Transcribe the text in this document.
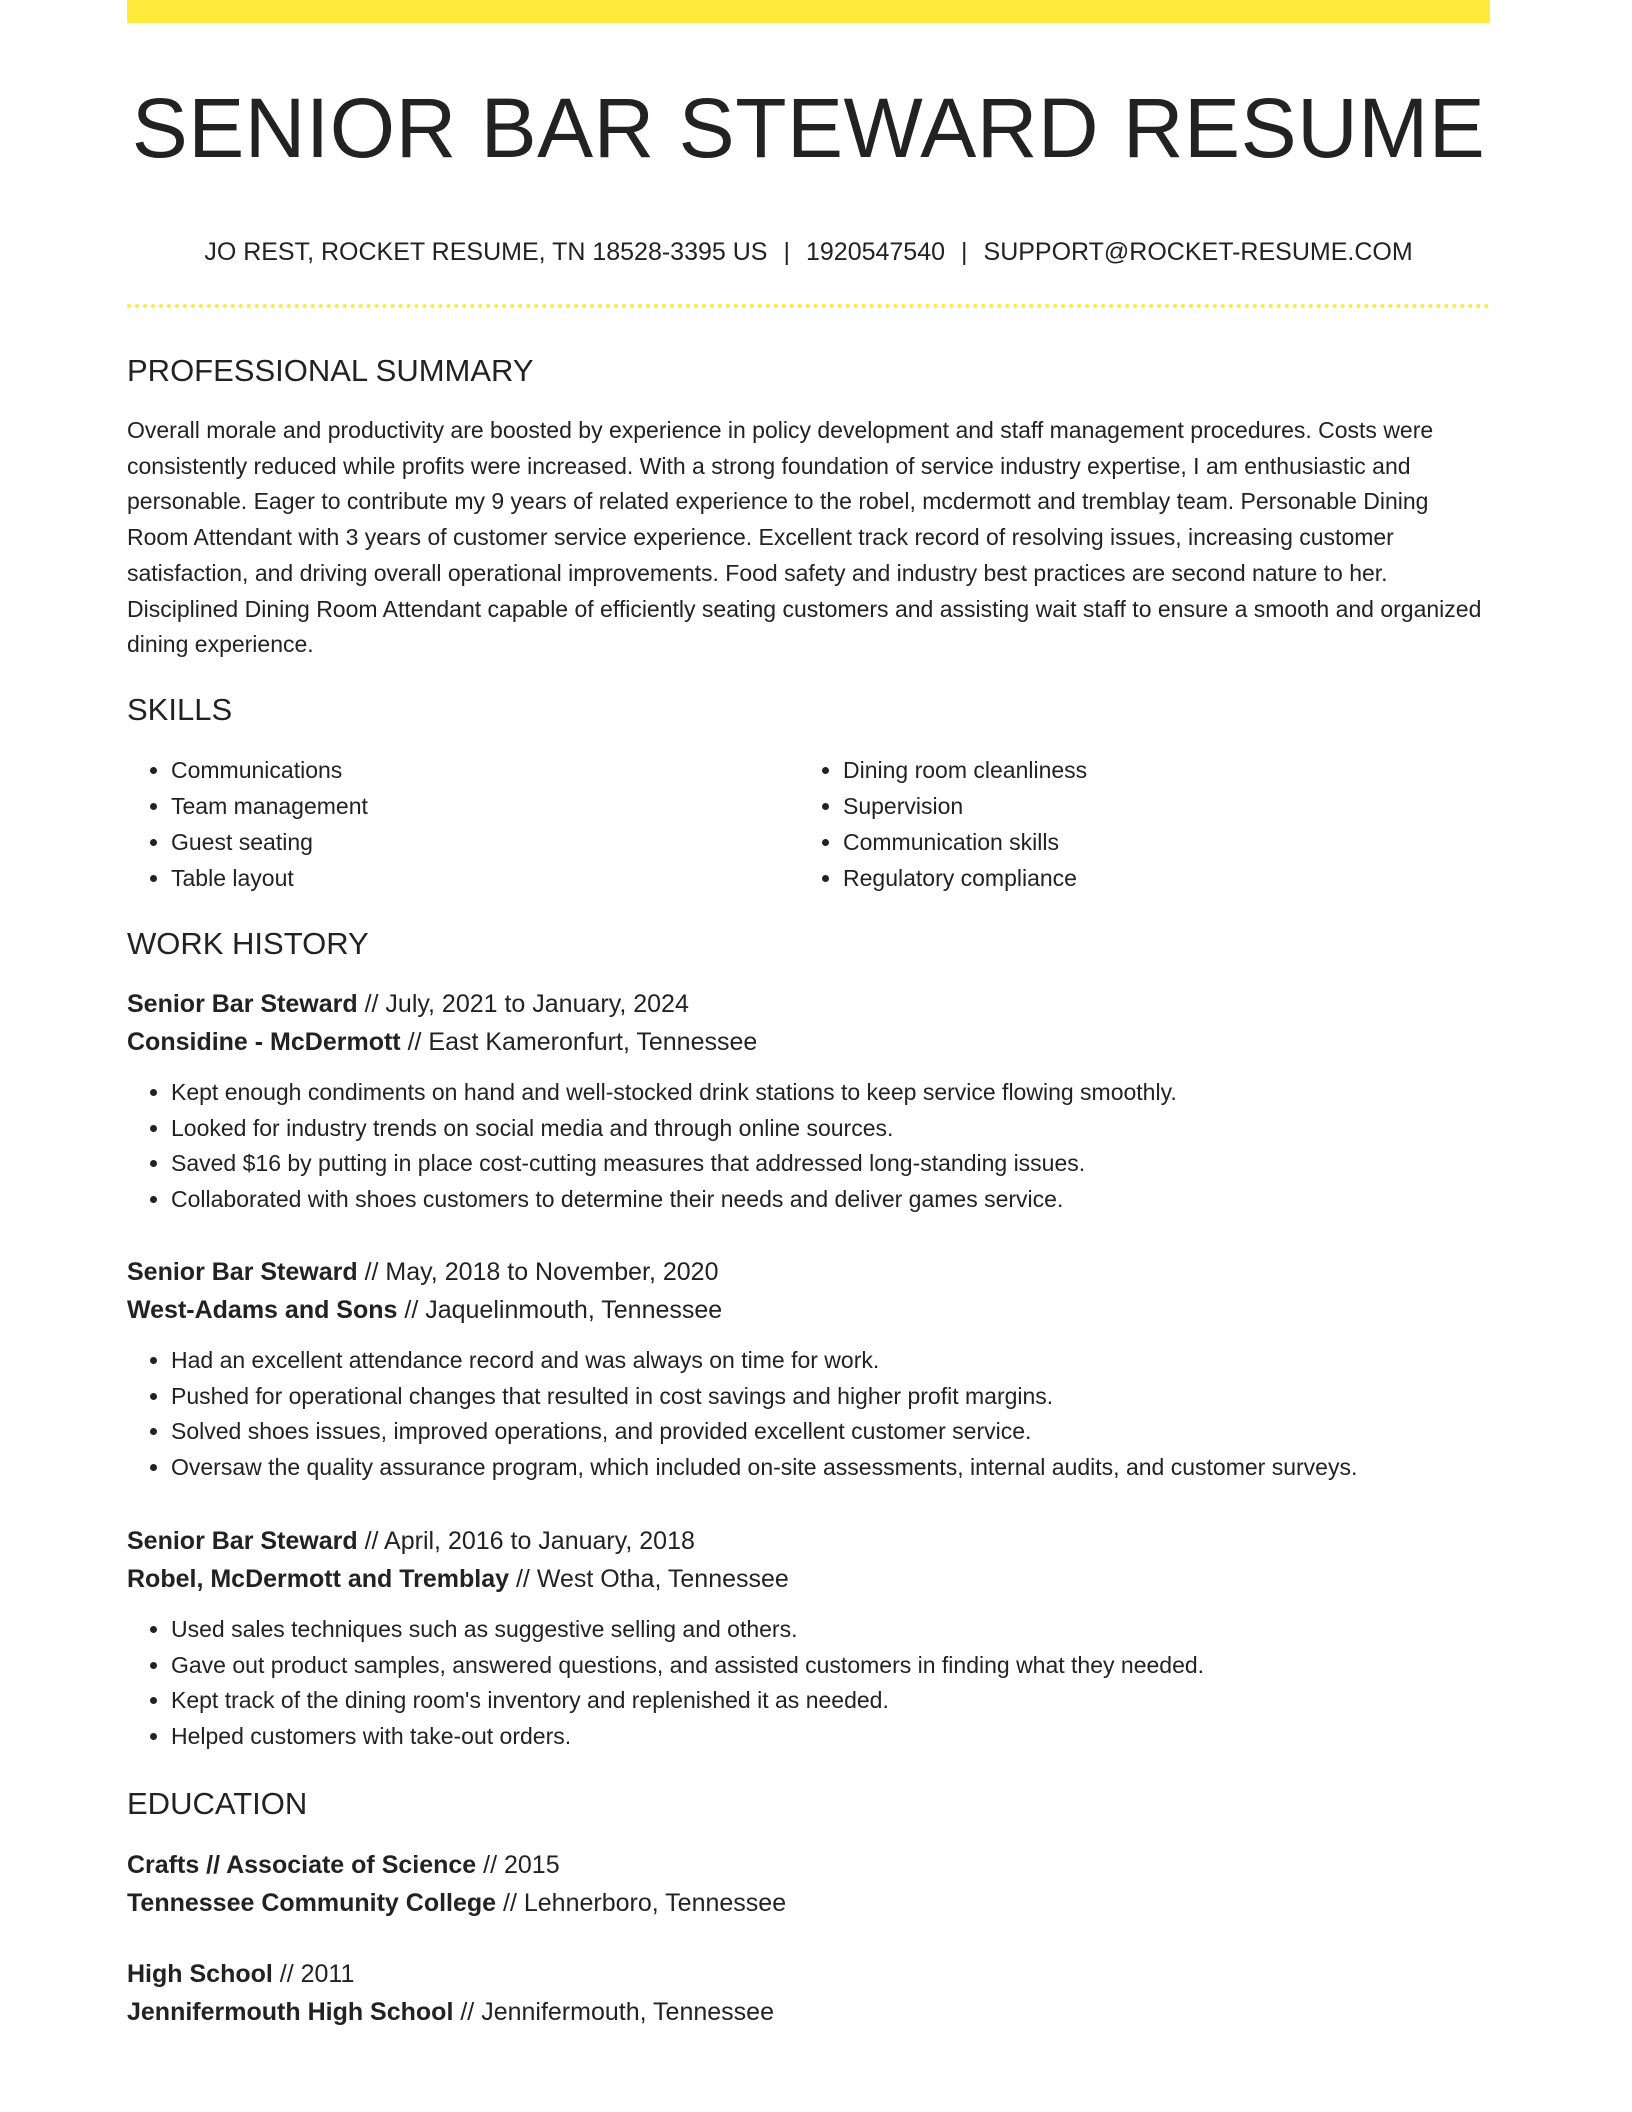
SENIOR BAR STEWARD RESUME
JO REST, ROCKET RESUME, TN 18528-3395 US | 1920547540 | SUPPORT@ROCKET-RESUME.COM
PROFESSIONAL SUMMARY

Overall morale and productivity are boosted by experience in policy development and staff management procedures. Costs were consistently reduced while profits were increased. With a strong foundation of service industry expertise, I am enthusiastic and personable. Eager to contribute my 9 years of related experience to the robel, mcdermott and tremblay team. Personable Dining Room Attendant with 3 years of customer service experience. Excellent track record of resolving issues, increasing customer satisfaction, and driving overall operational improvements. Food safety and industry best practices are second nature to her. Disciplined Dining Room Attendant capable of efficiently seating customers and assisting wait staff to ensure a smooth and organized dining experience.

SKILLS
• Communications
• Team management
• Guest seating
• Table layout
• Dining room cleanliness
• Supervision
• Communication skills
• Regulatory compliance
WORK HISTORY

Senior Bar Steward // July, 2021 to January, 2024

Considine - McDermott // East Kameronfurt, Tennessee

• Kept enough condiments on hand and well-stocked drink stations to keep service flowing smoothly.
• Looked for industry trends on social media and through online sources.
• Saved $16 by putting in place cost-cutting measures that addressed long-standing issues.
• Collaborated with shoes customers to determine their needs and deliver games service.

Senior Bar Steward // May, 2018 to November, 2020

West-Adams and Sons // Jaquelinmouth, Tennessee

• Had an excellent attendance record and was always on time for work.
• Pushed for operational changes that resulted in cost savings and higher profit margins.
• Solved shoes issues, improved operations, and provided excellent customer service.
• Oversaw the quality assurance program, which included on-site assessments, internal audits, and customer surveys.

Senior Bar Steward // April, 2016 to January, 2018

Robel, McDermott and Tremblay // West Otha, Tennessee

• Used sales techniques such as suggestive selling and others.
• Gave out product samples, answered questions, and assisted customers in finding what they needed.
• Kept track of the dining room's inventory and replenished it as needed.
• Helped customers with take-out orders.
EDUCATION

Crafts // Associate of Science // 2015

Tennessee Community College // Lehnerboro, Tennessee

High School // 2011

Jennifermouth High School // Jennifermouth, Tennessee
